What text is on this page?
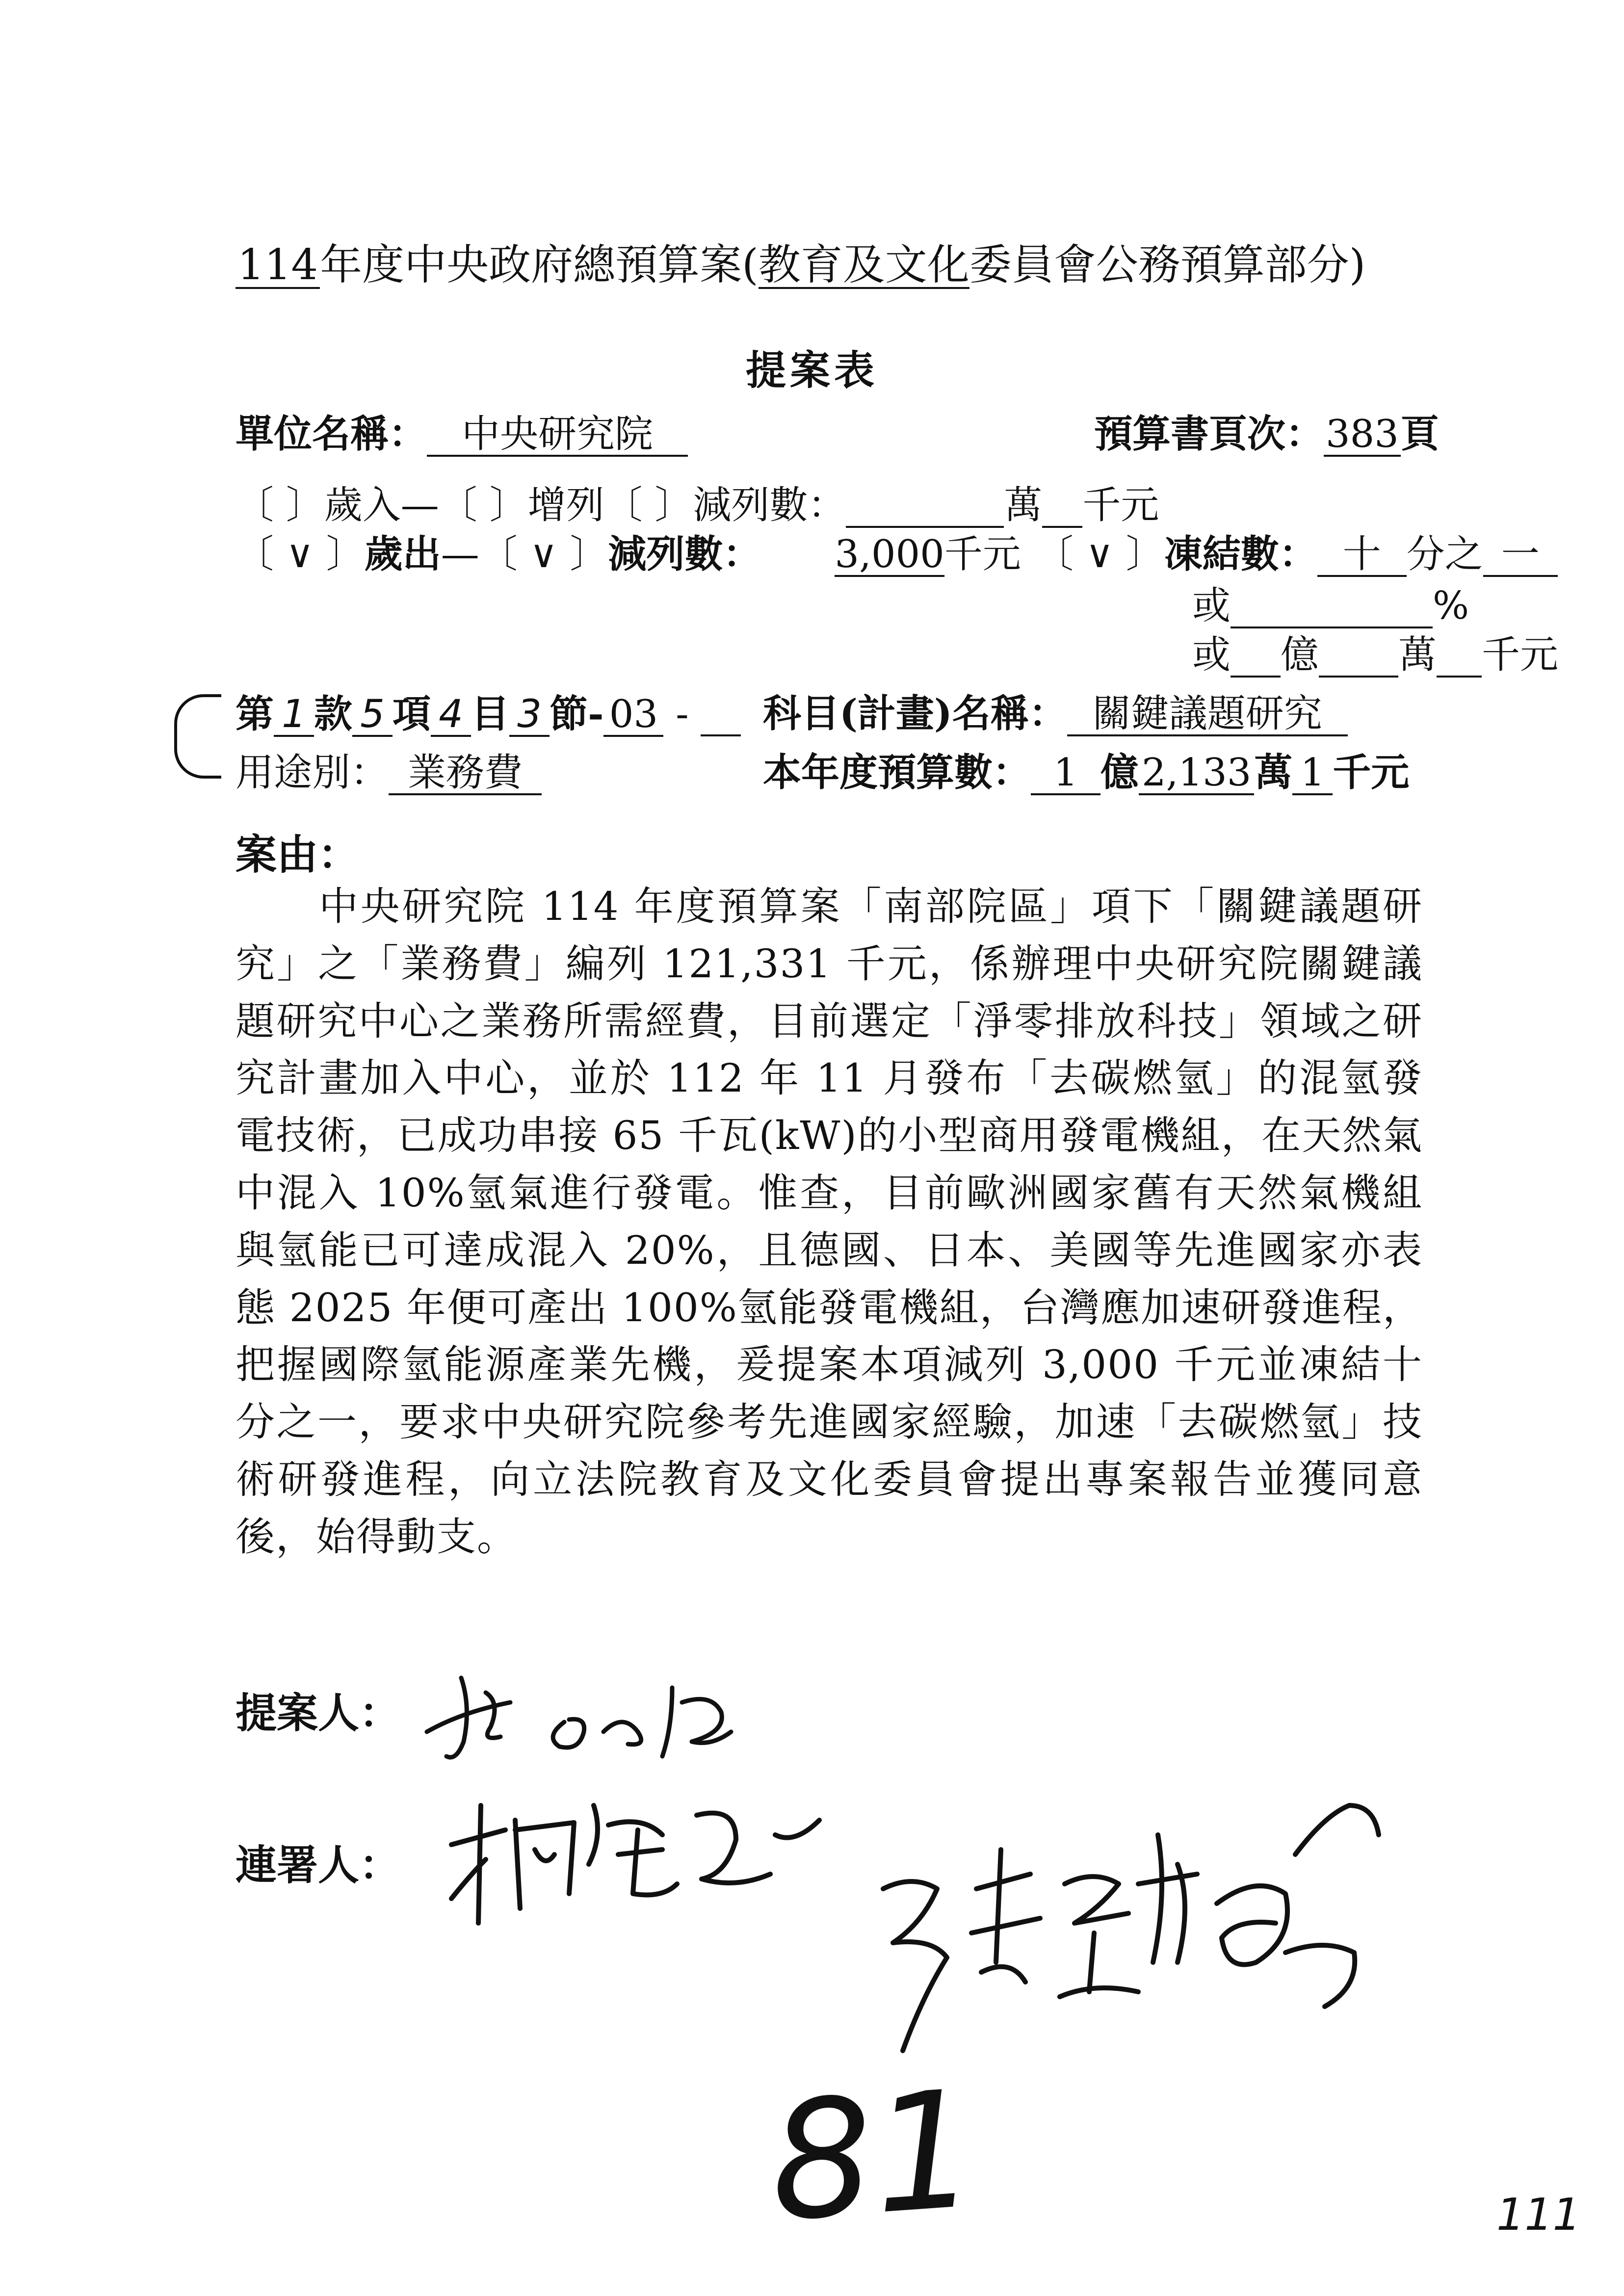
114年度中央政府總預算案(教育及文化委員會公務預算部分)
提案表
單位名稱： 中央研究院	預算書頁次：383頁
〔 〕歲入—〔 〕增列〔 〕減列數：	萬 千元
〔 ∨ 〕歲出—〔 ∨ 〕減列數： 3,000千元 〔 ∨ 〕凍結數： 十 分之 一
或	%
或 億 萬 千元
第 1 款 5 項 4 目 3 節- 03 -	科目(計畫)名稱： 關鍵議題研究
用途別： 業務費	本年度預算數： 1 億2,133萬 1 千元
案由：

中央研究院 114 年度預算案「南部院區」項下「關鍵議題研究」之「業務費」編列 121,331 千元，係辦理中央研究院關鍵議題研究中心之業務所需經費，目前選定「淨零排放科技」領域之研究計畫加入中心，並於 112 年 11 月發布「去碳燃氫」的混氫發電技術，已成功串接 65 千瓦(kW)的小型商用發電機組，在天然氣中混入 10%氫氣進行發電。惟查，目前歐洲國家舊有天然氣機組與氫能已可達成混入 20%，且德國、日本、美國等先進國家亦表態 2025 年便可產出 100%氫能發電機組，台灣應加速研發進程，把握國際氫能源產業先機，爰提案本項減列 3,000 千元並凍結十分之一，要求中央研究院參考先進國家經驗，加速「去碳燃氫」技術研發進程，向立法院教育及文化委員會提出專案報告並獲同意後，始得動支。

提案人：
連署人：
81	111
